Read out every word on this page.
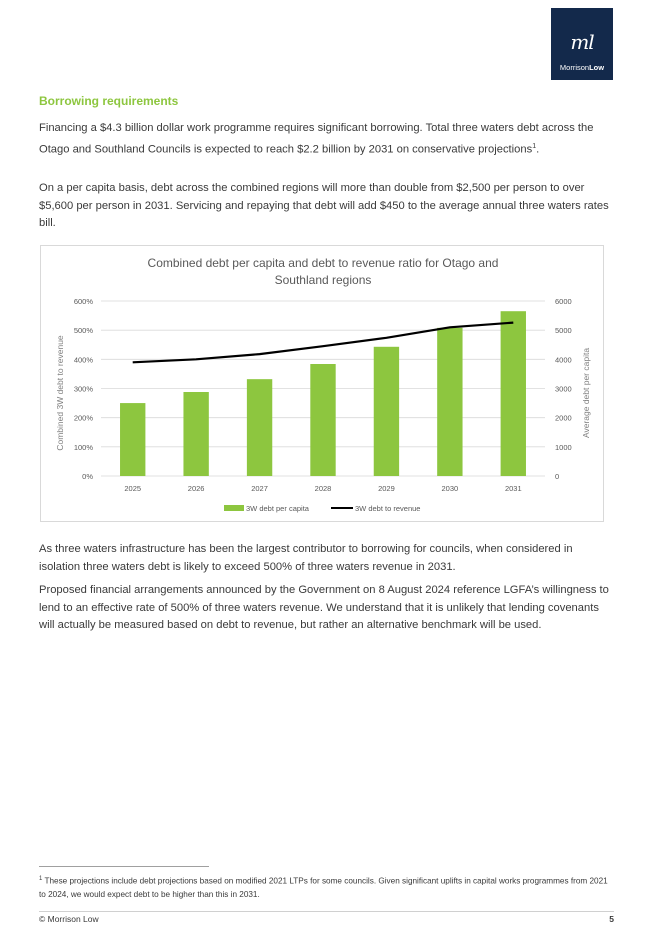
ml
MorrisonLow
Borrowing requirements

Financing a $4.3 billion dollar work programme requires significant borrowing. Total three waters debt across the Otago and Southland Councils is expected to reach $2.2 billion by 2031 on conservative projections$^1$.

On a per capita basis, debt across the combined regions will more than double from $2,500 per person to over $5,600 per person in 2031. Servicing and repaying that debt will add $450 to the average annual three waters rates bill.

Combined debt per capita and debt to revenue ratio for Otago and
Southland regions
0%
100%
200%
300%
400%
500%
600%
0
1000
2000
3000
4000
5000
6000
2025	2026	2027	2028	2029	2030	2031
Combined 3W debt to revenue	Average debt per capita
3W debt per capita	3W debt to revenue

As three waters infrastructure has been the largest contributor to borrowing for councils, when considered in isolation three waters debt is likely to exceed 500% of three waters revenue in 2031.

Proposed financial arrangements announced by the Government on 8 August 2024 reference LGFA’s willingness to lend to an effective rate of 500% of three waters revenue. We understand that it is unlikely that lending covenants will actually be measured based on debt to revenue, but rather an alternative benchmark will be used.

$^1$ These projections include debt projections based on modified 2021 LTPs for some councils. Given significant uplifts in capital works programmes from 2021 to 2024, we would expect debt to be higher than this in 2031.

© Morrison Low	5
